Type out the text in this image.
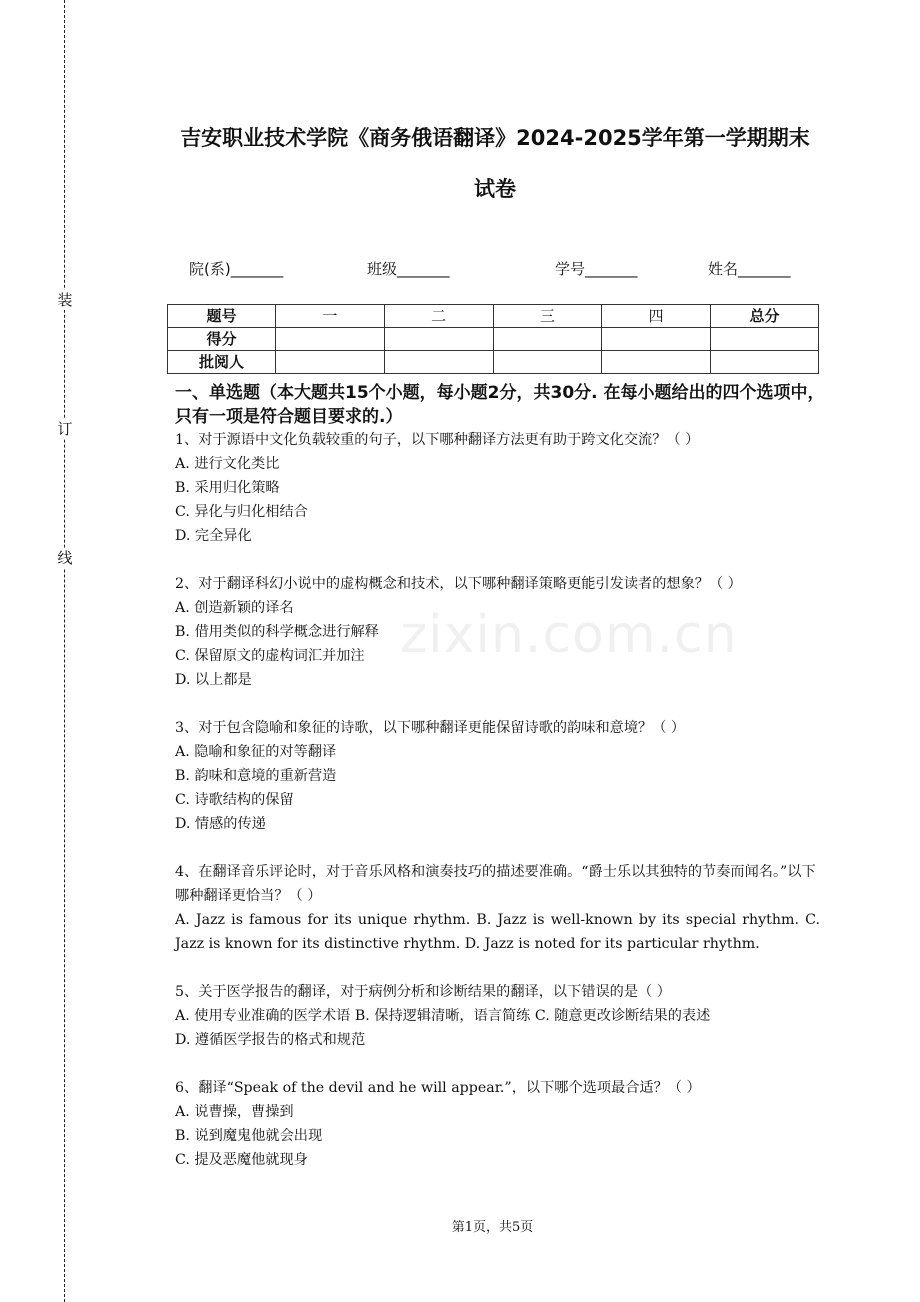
装
订
线
zixin.com.cn
吉安职业技术学院《商务俄语翻译》2024-2025学年第一学期期末
试卷
院(系)_______	班级_______	学号_______	姓名_______
题号	一	二	三	四	总分
得分					
批阅人					
一、单选题（本大题共15个小题，每小题2分，共30分. 在每小题给出的四个选项中，只有一项是符合题目要求的.）
1、对于源语中文化负载较重的句子，以下哪种翻译方法更有助于跨文化交流？（ ）
A. 进行文化类比
B. 采用归化策略
C. 异化与归化相结合
D. 完全异化
2、对于翻译科幻小说中的虚构概念和技术，以下哪种翻译策略更能引发读者的想象？（ ）
A. 创造新颖的译名
B. 借用类似的科学概念进行解释
C. 保留原文的虚构词汇并加注
D. 以上都是
3、对于包含隐喻和象征的诗歌，以下哪种翻译更能保留诗歌的韵味和意境？（ ）
A. 隐喻和象征的对等翻译
B. 韵味和意境的重新营造
C. 诗歌结构的保留
D. 情感的传递
4、在翻译音乐评论时，对于音乐风格和演奏技巧的描述要准确。“爵士乐以其独特的节奏而闻名。”以下哪种翻译更恰当？（ ）
A. Jazz is famous for its unique rhythm. B. Jazz is well-known by its special rhythm. C. Jazz is known for its distinctive rhythm. D. Jazz is noted for its particular rhythm.
5、关于医学报告的翻译，对于病例分析和诊断结果的翻译，以下错误的是（ ）
A. 使用专业准确的医学术语 B. 保持逻辑清晰，语言简练 C. 随意更改诊断结果的表述
D. 遵循医学报告的格式和规范
6、翻译“Speak of the devil and he will appear.”，以下哪个选项最合适？（ ）
A. 说曹操，曹操到
B. 说到魔鬼他就会出现
C. 提及恶魔他就现身
第1页，共5页
